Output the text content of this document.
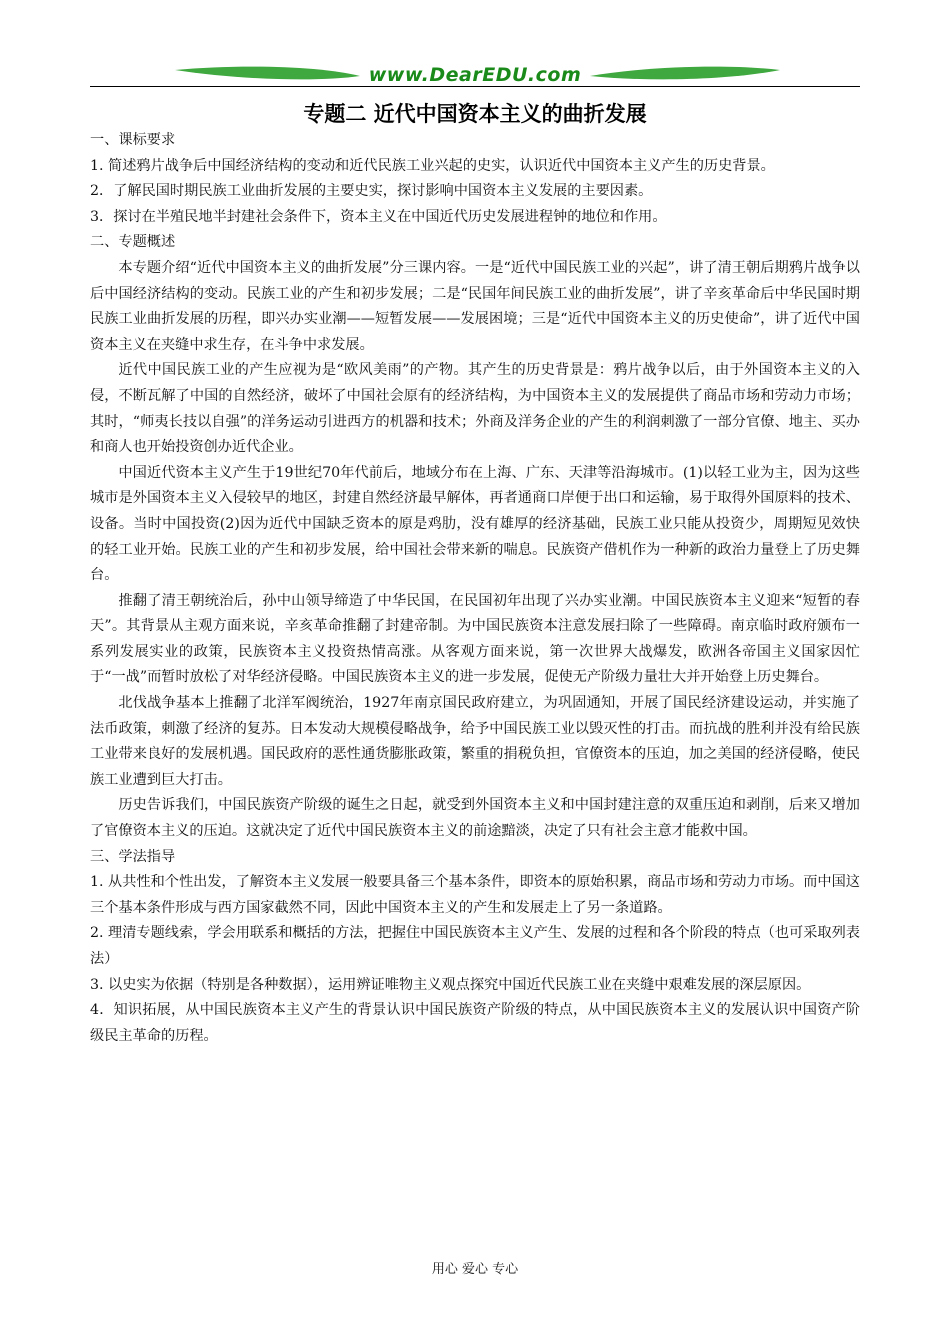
www.DearEDU.com
专题二 近代中国资本主义的曲折发展

一、课标要求

1. 简述鸦片战争后中国经济结构的变动和近代民族工业兴起的史实，认识近代中国资本主义产生的历史背景。

2．了解民国时期民族工业曲折发展的主要史实，探讨影响中国资本主义发展的主要因素。

3．探讨在半殖民地半封建社会条件下，资本主义在中国近代历史发展进程钟的地位和作用。

二、专题概述

本专题介绍“近代中国资本主义的曲折发展”分三课内容。一是“近代中国民族工业的兴起”，讲了清王朝后期鸦片战争以后中国经济结构的变动。民族工业的产生和初步发展；二是“民国年间民族工业的曲折发展”，讲了辛亥革命后中华民国时期民族工业曲折发展的历程，即兴办实业潮——短暂发展——发展困境；三是“近代中国资本主义的历史使命”，讲了近代中国资本主义在夹缝中求生存，在斗争中求发展。

近代中国民族工业的产生应视为是“欧风美雨”的产物。其产生的历史背景是：鸦片战争以后，由于外国资本主义的入侵，不断瓦解了中国的自然经济，破坏了中国社会原有的经济结构，为中国资本主义的发展提供了商品市场和劳动力市场；其时，“师夷长技以自强”的洋务运动引进西方的机器和技术；外商及洋务企业的产生的利润刺激了一部分官僚、地主、买办和商人也开始投资创办近代企业。

中国近代资本主义产生于19世纪70年代前后，地域分布在上海、广东、天津等沿海城市。(1)以轻工业为主，因为这些城市是外国资本主义入侵较早的地区，封建自然经济最早解体，再者通商口岸便于出口和运输，易于取得外国原料的技术、设备。当时中国投资(2)因为近代中国缺乏资本的原是鸡肋，没有雄厚的经济基础，民族工业只能从投资少，周期短见效快的轻工业开始。民族工业的产生和初步发展，给中国社会带来新的喘息。民族资产借机作为一种新的政治力量登上了历史舞台。

推翻了清王朝统治后，孙中山领导缔造了中华民国，在民国初年出现了兴办实业潮。中国民族资本主义迎来“短暂的春天”。其背景从主观方面来说，辛亥革命推翻了封建帝制。为中国民族资本注意发展扫除了一些障碍。南京临时政府颁布一系列发展实业的政策，民族资本主义投资热情高涨。从客观方面来说，第一次世界大战爆发，欧洲各帝国主义国家因忙于“一战”而暂时放松了对华经济侵略。中国民族资本主义的进一步发展，促使无产阶级力量壮大并开始登上历史舞台。

北伐战争基本上推翻了北洋军阀统治，1927年南京国民政府建立，为巩固通知，开展了国民经济建设运动，并实施了法币政策，刺激了经济的复苏。日本发动大规模侵略战争，给予中国民族工业以毁灭性的打击。而抗战的胜利并没有给民族工业带来良好的发展机遇。国民政府的恶性通货膨胀政策，繁重的捐税负担，官僚资本的压迫，加之美国的经济侵略，使民族工业遭到巨大打击。

历史告诉我们，中国民族资产阶级的诞生之日起，就受到外国资本主义和中国封建注意的双重压迫和剥削，后来又增加了官僚资本主义的压迫。这就决定了近代中国民族资本主义的前途黯淡，决定了只有社会主意才能救中国。

三、学法指导

1. 从共性和个性出发，了解资本主义发展一般要具备三个基本条件，即资本的原始积累，商品市场和劳动力市场。而中国这三个基本条件形成与西方国家截然不同，因此中国资本主义的产生和发展走上了另一条道路。

2. 理清专题线索，学会用联系和概括的方法，把握住中国民族资本主义产生、发展的过程和各个阶段的特点（也可采取列表法）

3. 以史实为依据（特别是各种数据），运用辨证唯物主义观点探究中国近代民族工业在夹缝中艰难发展的深层原因。

4．知识拓展，从中国民族资本主义产生的背景认识中国民族资产阶级的特点，从中国民族资本主义的发展认识中国资产阶级民主革命的历程。

用心 爱心 专心
